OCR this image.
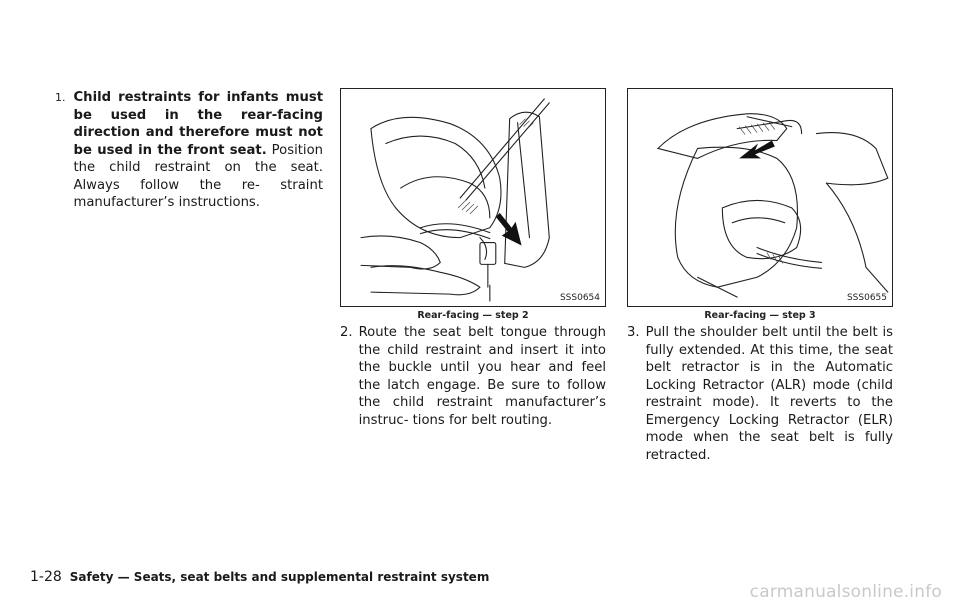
1. Child restraints for infants must be used in the rear-facing direction and therefore must not be used in the front seat. Position the child restraint on the seat. Always follow the re- straint manufacturer’s instructions.
SSS0654
Rear-facing — step 2
SSS0655
Rear-facing — step 3
2. Route the seat belt tongue through the child restraint and insert it into the buckle until you hear and feel the latch engage. Be sure to follow the child restraint manufacturer’s instruc- tions for belt routing.
3. Pull the shoulder belt until the belt is fully extended. At this time, the seat belt retractor is in the Automatic Locking Retractor (ALR) mode (child restraint mode). It reverts to the Emergency Locking Retractor (ELR) mode when the seat belt is fully retracted.
1-28 Safety — Seats, seat belts and supplemental restraint system
carmanualsonline.info
